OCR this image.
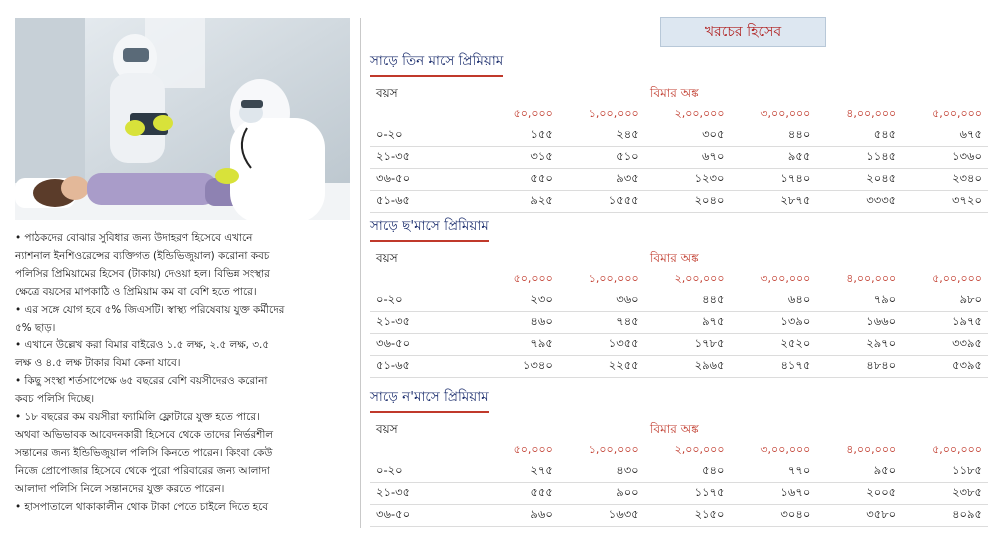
• পাঠকদের বোঝার সুবিধার জন্য উদাহরণ হিসেবে এখানে

ন্যাশনাল ইনশিওরেন্সের ব্যক্তিগত (ইন্ডিভিজুয়াল) করোনা কবচ

পলিসির প্রিমিয়ামের হিসেব (টাকায়) দেওয়া হল। বিভিন্ন সংস্থার

ক্ষেত্রে বয়সের মাপকাঠি ও প্রিমিয়াম কম বা বেশি হতে পারে।

• এর সঙ্গে যোগ হবে ৫% জিএসটি। স্বাস্থ্য পরিষেবায় যুক্ত কর্মীদের

৫% ছাড়।

• এখানে উল্লেখ করা বিমার বাইরেও ১.৫ লক্ষ, ২.৫ লক্ষ, ৩.৫

লক্ষ ও ৪.৫ লক্ষ টাকার বিমা কেনা যাবে।

• কিছু সংস্থা শর্তসাপেক্ষে ৬৫ বছরের বেশি বয়সীদেরও করোনা

কবচ পলিসি দিচ্ছে।

• ১৮ বছরের কম বয়সীরা ফ্যামিলি ফ্লোটারে যুক্ত হতে পারে।

অথবা অভিভাবক আবেদনকারী হিসেবে থেকে তাদের নির্ভরশীল

সন্তানের জন্য ইন্ডিভিজুয়াল পলিসি কিনতে পারেন। কিংবা কেউ

নিজে প্রোপোজার হিসেবে থেকে পুরো পরিবারের জন্য আলাদা

আলাদা পলিসি নিলে সন্তানদের যুক্ত করতে পারেন।

• হাসপাতালে থাকাকালীন থোক টাকা পেতে চাইলে দিতে হবে

খরচের হিসেব
সাড়ে তিন মাসে প্রিমিয়াম
বয়স	বিমার অঙ্ক
৫০,০০০	১,০০,০০০	২,০০,০০০	৩,০০,০০০	৪,০০,০০০	৫,০০,০০০
০-২০	১৫৫	২৪৫	৩০৫	৪৪০	৫৪৫	৬৭৫
২১-৩৫	৩১৫	৫১০	৬৭০	৯৫৫	১১৪৫	১৩৬০
৩৬-৫০	৫৫০	৯৩৫	১২৩০	১৭৪০	২০৪৫	২৩৪০
৫১-৬৫	৯২৫	১৫৫৫	২০৪০	২৮৭৫	৩৩৩৫	৩৭২০
সাড়ে ছ'মাসে প্রিমিয়াম
বয়স	বিমার অঙ্ক
৫০,০০০	১,০০,০০০	২,০০,০০০	৩,০০,০০০	৪,০০,০০০	৫,০০,০০০
০-২০	২৩০	৩৬০	৪৪৫	৬৪০	৭৯০	৯৮০
২১-৩৫	৪৬০	৭৪৫	৯৭৫	১৩৯০	১৬৬০	১৯৭৫
৩৬-৫০	৭৯৫	১৩৫৫	১৭৮৫	২৫২০	২৯৭০	৩৩৯৫
৫১-৬৫	১৩৪০	২২৫৫	২৯৬৫	৪১৭৫	৪৮৪০	৫৩৯৫
সাড়ে ন'মাসে প্রিমিয়াম
বয়স	বিমার অঙ্ক
৫০,০০০	১,০০,০০০	২,০০,০০০	৩,০০,০০০	৪,০০,০০০	৫,০০,০০০
০-২০	২৭৫	৪৩০	৫৪০	৭৭০	৯৫০	১১৮৫
২১-৩৫	৫৫৫	৯০০	১১৭৫	১৬৭০	২০০৫	২৩৮৫
৩৬-৫০	৯৬০	১৬৩৫	২১৫০	৩০৪০	৩৫৮০	৪০৯৫
